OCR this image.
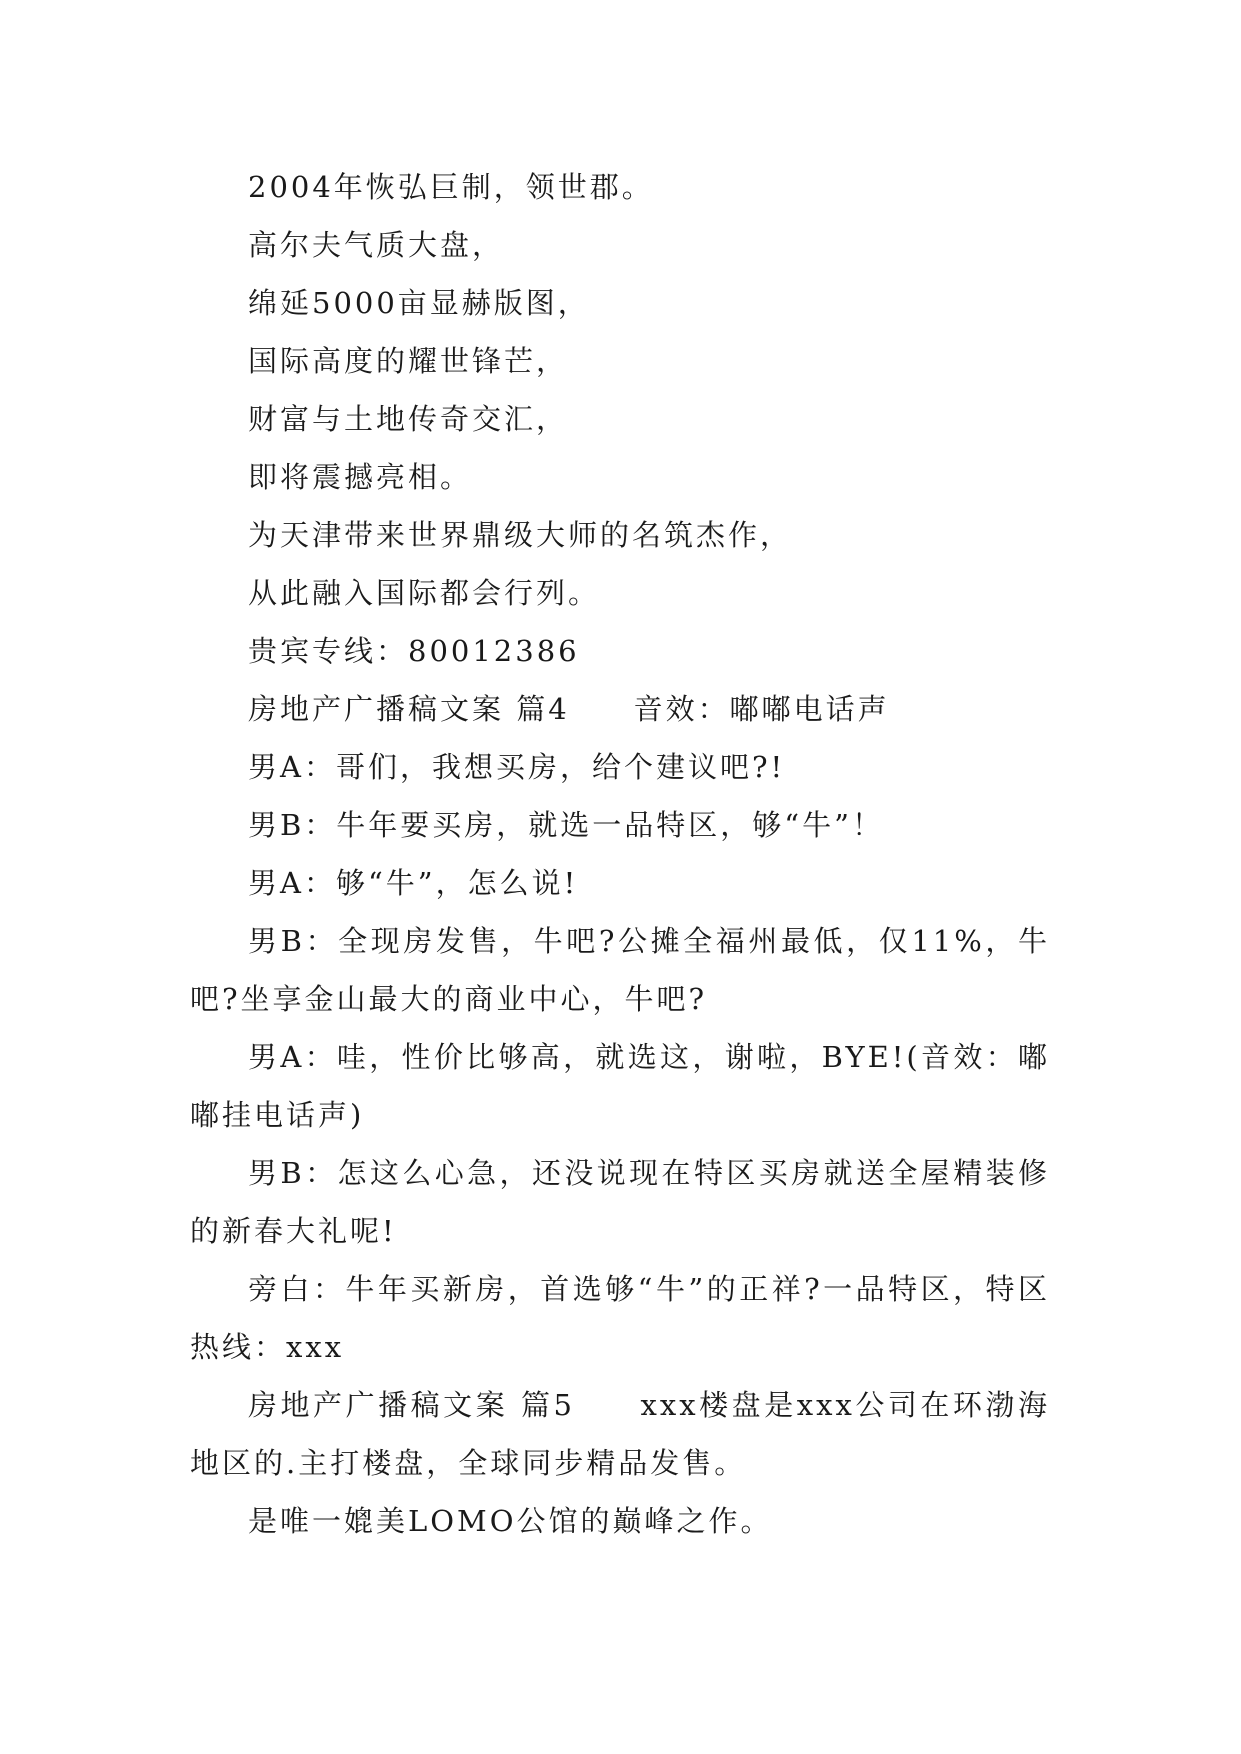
2004年恢弘巨制，领世郡。

高尔夫气质大盘，

绵延5000亩显赫版图，

国际高度的耀世锋芒，

财富与土地传奇交汇，

即将震撼亮相。

为天津带来世界鼎级大师的名筑杰作，

从此融入国际都会行列。

贵宾专线：80012386

房地产广播稿文案 篇4　　音效：嘟嘟电话声

男A：哥们，我想买房，给个建议吧?!

男B：牛年要买房，就选一品特区，够“牛”！

男A：够“牛”，怎么说!

男B：全现房发售，牛吧?公摊全福州最低，仅11%，牛吧?坐享金山最大的商业中心，牛吧?

男A：哇，性价比够高，就选这，谢啦，BYE!(音效：嘟嘟挂电话声)

男B：怎这么心急，还没说现在特区买房就送全屋精装修的新春大礼呢!

旁白：牛年买新房，首选够“牛”的正祥?一品特区，特区热线：xxx

房地产广播稿文案 篇5　　xxx楼盘是xxx公司在环渤海地区的.主打楼盘，全球同步精品发售。

是唯一媲美LOMO公馆的巅峰之作。
